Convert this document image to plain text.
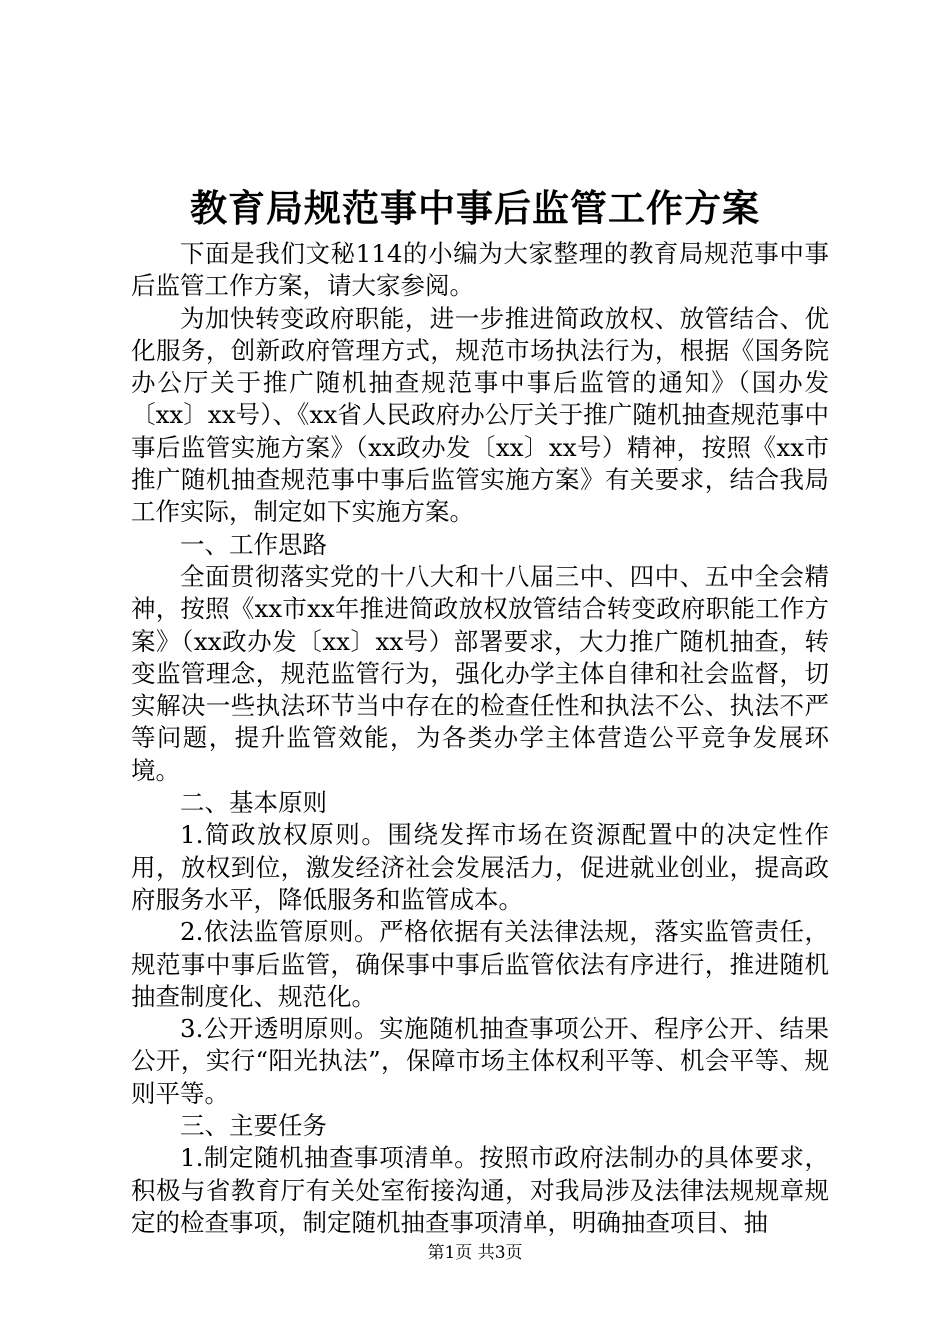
教育局规范事中事后监管工作方案

下面是我们文秘114的小编为大家整理的教育局规范事中事后监管工作方案，请大家参阅。

为加快转变政府职能，进一步推进简政放权、放管结合、优化服务，创新政府管理方式，规范市场执法行为，根据《国务院办公厅关于推广随机抽查规范事中事后监管的通知》（国办发〔xx〕xx号）、《xx省人民政府办公厅关于推广随机抽查规范事中事后监管实施方案》（xx政办发〔xx〕xx号）精神，按照《xx市推广随机抽查规范事中事后监管实施方案》有关要求，结合我局工作实际，制定如下实施方案。

一、工作思路

全面贯彻落实党的十八大和十八届三中、四中、五中全会精神，按照《xx市xx年推进简政放权放管结合转变政府职能工作方案》（xx政办发〔xx〕xx号）部署要求，大力推广随机抽查，转变监管理念，规范监管行为，强化办学主体自律和社会监督，切实解决一些执法环节当中存在的检查任性和执法不公、执法不严等问题，提升监管效能，为各类办学主体营造公平竞争发展环境。

二、基本原则

1.简政放权原则。围绕发挥市场在资源配置中的决定性作用，放权到位，激发经济社会发展活力，促进就业创业，提高政府服务水平，降低服务和监管成本。

2.依法监管原则。严格依据有关法律法规，落实监管责任，规范事中事后监管，确保事中事后监管依法有序进行，推进随机抽查制度化、规范化。

3.公开透明原则。实施随机抽查事项公开、程序公开、结果公开，实行“阳光执法”，保障市场主体权利平等、机会平等、规则平等。

三、主要任务

1.制定随机抽查事项清单。按照市政府法制办的具体要求，积极与省教育厅有关处室衔接沟通，对我局涉及法律法规规章规定的检查事项，制定随机抽查事项清单，明确抽查项目、抽

第1页 共3页
